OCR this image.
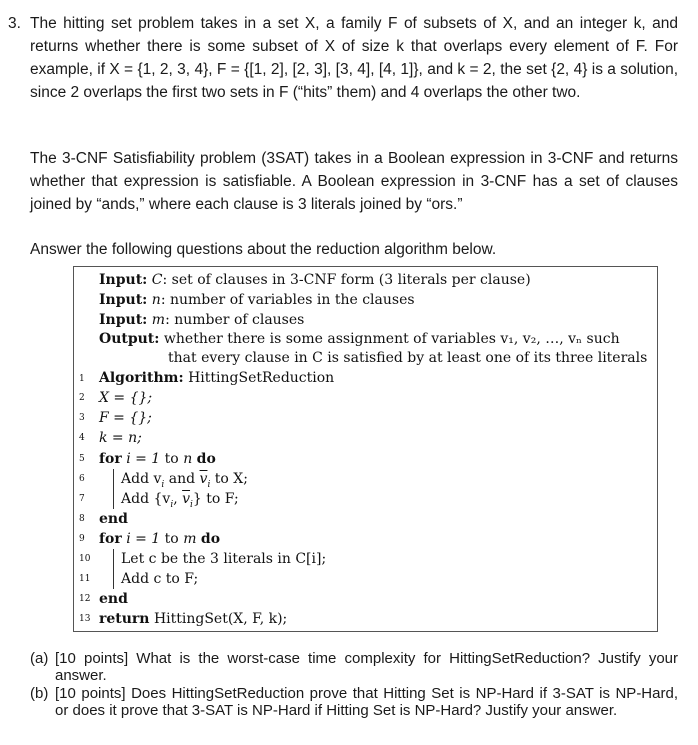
3. The hitting set problem takes in a set X, a family F of subsets of X, and an integer k, and returns whether there is some subset of X of size k that overlaps every element of F. For example, if X = {1, 2, 3, 4}, F = {[1, 2], [2, 3], [3, 4], [4, 1]}, and k = 2, the set {2, 4} is a solution, since 2 overlaps the first two sets in F (“hits” them) and 4 overlaps the other two.
The 3-CNF Satisfiability problem (3SAT) takes in a Boolean expression in 3-CNF and returns whether that expression is satisfiable. A Boolean expression in 3-CNF has a set of clauses joined by “ands,” where each clause is 3 literals joined by “ors.”
Answer the following questions about the reduction algorithm below.
Input: C: set of clauses in 3-CNF form (3 literals per clause)
Input: n: number of variables in the clauses
Input: m: number of clauses
Output: whether there is some assignment of variables v₁, v₂, …, vₙ such
that every clause in C is satisfied by at least one of its three literals
1	Algorithm: HittingSetReduction
2	X = {};
3	F = {};
4	k = n;
5	for i = 1 to n do
6	Add $v_i$ and $\overline{v}_i$ to X;
7	Add {$v_i$, $\overline{v}_i$} to F;
8	end
9	for i = 1 to m do
10 Let c be the 3 literals in C[i];
11 Add c to F;
12 end
13 return HittingSet(X, F, k);
(a) [10 points] What is the worst-case time complexity for HittingSetReduction? Justify your answer.
(b) [10 points] Does HittingSetReduction prove that Hitting Set is NP-Hard if 3-SAT is NP-Hard, or does it prove that 3-SAT is NP-Hard if Hitting Set is NP-Hard? Justify your answer.
